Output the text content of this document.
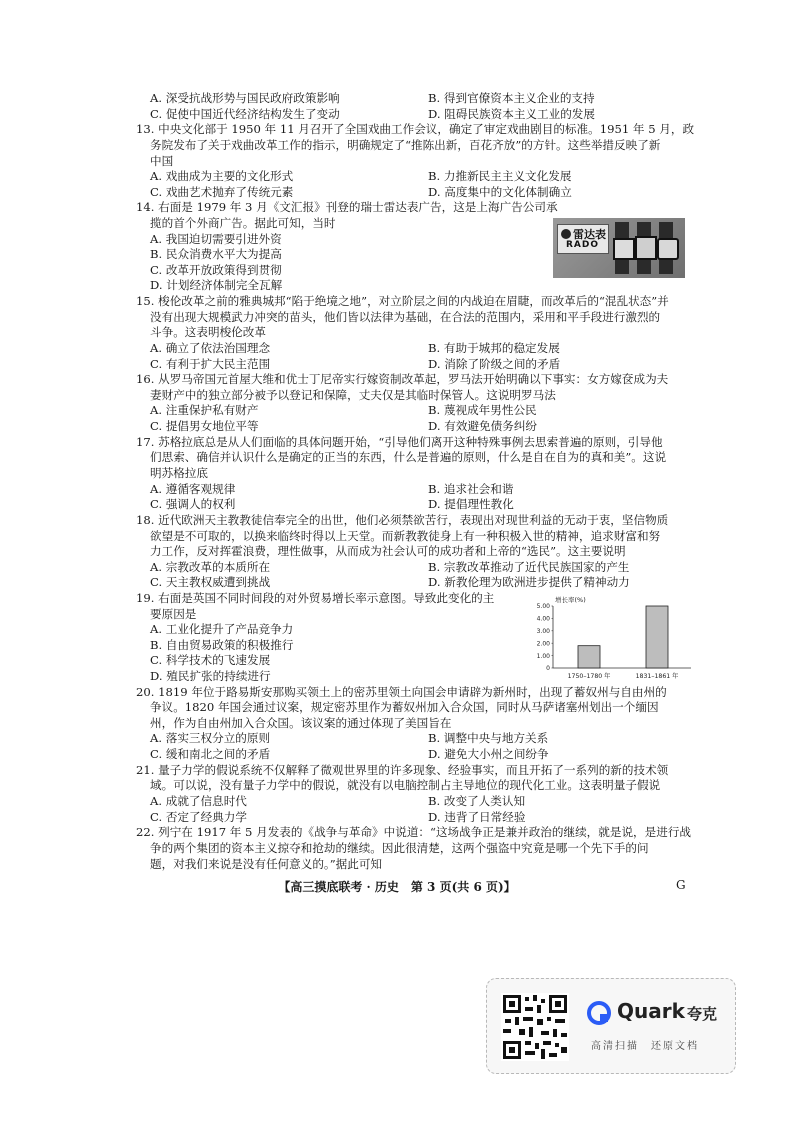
A. 深受抗战形势与国民政府政策影响	B. 得到官僚资本主义企业的支持
C. 促使中国近代经济结构发生了变动	D. 阻碍民族资本主义工业的发展
13. 中央文化部于 1950 年 11 月召开了全国戏曲工作会议，确定了审定戏曲剧目的标准。1951 年 5 月，政
务院发布了关于戏曲改革工作的指示，明确规定了“推陈出新，百花齐放”的方针。这些举措反映了新
中国
A. 戏曲成为主要的文化形式	B. 力推新民主主义文化发展
C. 戏曲艺术抛弃了传统元素	D. 高度集中的文化体制确立
14. 右面是 1979 年 3 月《文汇报》刊登的瑞士雷达表广告，这是上海广告公司承
揽的首个外商广告。据此可知，当时
A. 我国迫切需要引进外资
B. 民众消费水平大为提高
C. 改革开放政策得到贯彻
D. 计划经济体制完全瓦解
雷达表
RADO
15. 梭伦改革之前的雅典城邦“陷于绝境之地”，对立阶层之间的内战迫在眉睫，而改革后的“混乱状态”并
没有出现大规模武力冲突的苗头，他们皆以法律为基础，在合法的范围内，采用和平手段进行激烈的
斗争。这表明梭伦改革
A. 确立了依法治国理念	B. 有助于城邦的稳定发展
C. 有利于扩大民主范围	D. 消除了阶级之间的矛盾
16. 从罗马帝国元首屋大维和优士丁尼帝实行嫁资制改革起，罗马法开始明确以下事实：女方嫁奁成为夫
妻财产中的独立部分被予以登记和保障，丈夫仅是其临时保管人。这说明罗马法
A. 注重保护私有财产	B. 蔑视成年男性公民
C. 提倡男女地位平等	D. 有效避免债务纠纷
17. 苏格拉底总是从人们面临的具体问题开始，“引导他们离开这种特殊事例去思索普遍的原则，引导他
们思索、确信并认识什么是确定的正当的东西，什么是普遍的原则，什么是自在自为的真和美”。这说
明苏格拉底
A. 遵循客观规律	B. 追求社会和谐
C. 强调人的权利	D. 提倡理性教化
18. 近代欧洲天主教教徒信奉完全的出世，他们必须禁欲苦行，表现出对现世利益的无动于衷，坚信物质
欲望是不可取的，以换来临终时得以上天堂。而新教教徒身上有一种积极入世的精神，追求财富和努
力工作，反对挥霍浪费，理性做事，从而成为社会认可的成功者和上帝的“选民”。这主要说明
A. 宗教改革的本质所在	B. 宗教改革推动了近代民族国家的产生
C. 天主教权威遭到挑战	D. 新教伦理为欧洲进步提供了精神动力
19. 右面是英国不同时间段的对外贸易增长率示意图。导致此变化的主
要原因是
A. 工业化提升了产品竞争力
B. 自由贸易政策的积极推行
C. 科学技术的飞速发展
D. 殖民扩张的持续进行
增长率(%)
0
1.00
2.00
3.00
4.00
5.00
1750–1780 年	1831–1861 年
20. 1819 年位于路易斯安那购买领土上的密苏里领土向国会申请辟为新州时，出现了蓄奴州与自由州的
争议。1820 年国会通过议案，规定密苏里作为蓄奴州加入合众国，同时从马萨诸塞州划出一个缅因
州，作为自由州加入合众国。该议案的通过体现了美国旨在
A. 落实三权分立的原则	B. 调整中央与地方关系
C. 缓和南北之间的矛盾	D. 避免大小州之间纷争
21. 量子力学的假说系统不仅解释了微观世界里的许多现象、经验事实，而且开拓了一系列的新的技术领
域。可以说，没有量子力学中的假说，就没有以电脑控制占主导地位的现代化工业。这表明量子假说
A. 成就了信息时代	B. 改变了人类认知
C. 否定了经典力学	D. 违背了日常经验
22. 列宁在 1917 年 5 月发表的《战争与革命》中说道：“这场战争正是兼并政治的继续，就是说，是进行战
争的两个集团的资本主义掠夺和抢劫的继续。因此很清楚，这两个强盗中究竟是哪一个先下手的问
题，对我们来说是没有任何意义的。”据此可知
【高三摸底联考 · 历史　第 3 页(共 6 页)】	G
Quark 夸克
高清扫描　还原文档
